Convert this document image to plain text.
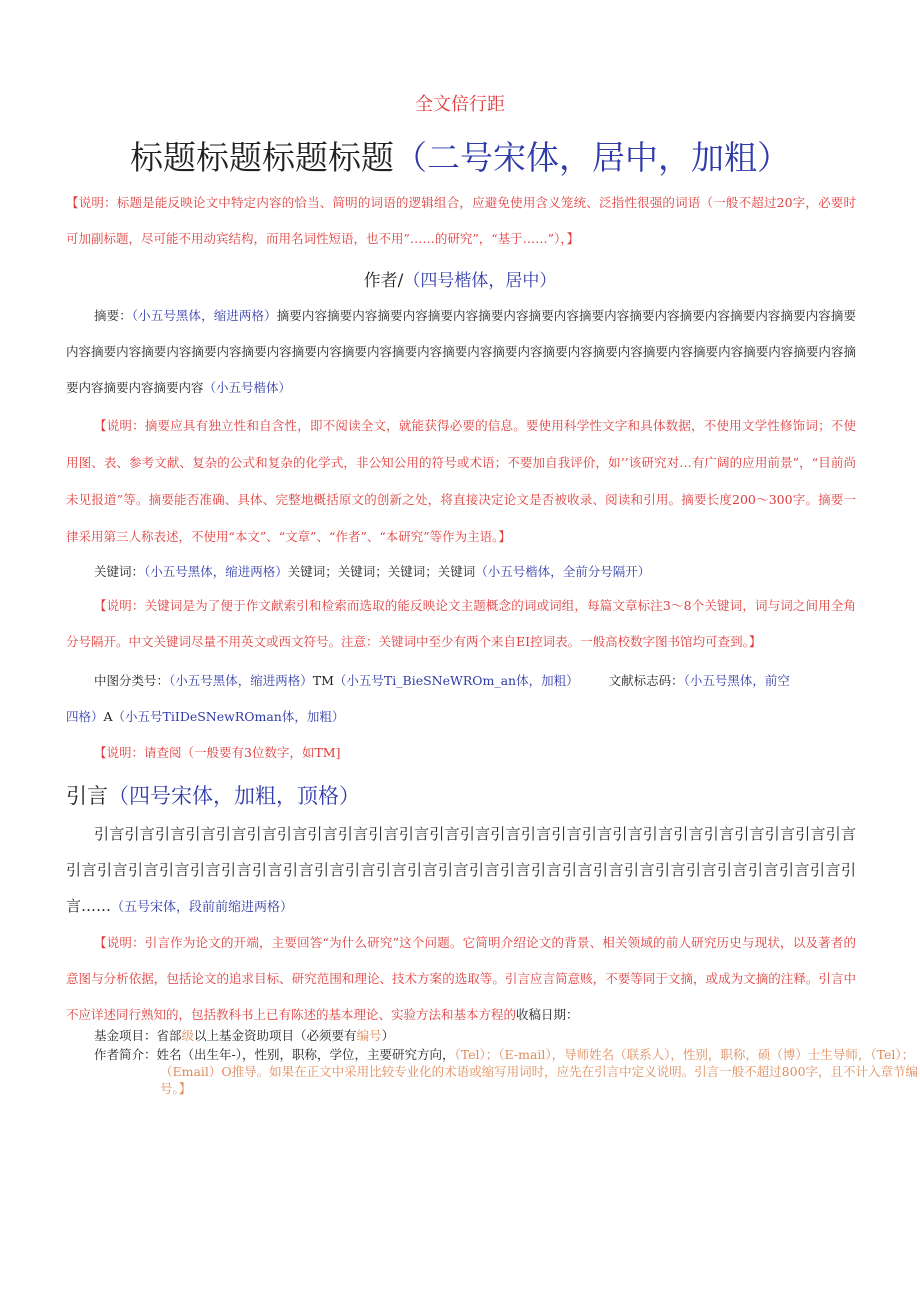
全文倍行距
标题标题标题标题（二号宋体，居中，加粗）
【说明：标题是能反映论文中特定内容的恰当、简明的词语的逻辑组合，应避免使用含义笼统、泛指性很强的词语（一般不超过20字，必要时可加副标题，尽可能不用动宾结构，而用名词性短语，也不用”……的研究”，“基于……”），】
作者/（四号楷体，居中）
摘要：（小五号黑体，缩进两格）摘要内容摘要内容摘要内容摘要内容摘要内容摘要内容摘要内容摘要内容摘要内容摘要内容摘要内容摘要内容摘要内容摘要内容摘要内容摘要内容摘要内容摘要内容摘要内容摘要内容摘要内容摘要内容摘要内容摘要内容摘要内容摘要内容摘要内容摘要内容摘要内容摘要内容（小五号楷体）
【说明：摘要应具有独立性和自含性，即不阅读全文，就能获得必要的信息。要使用科学性文字和具体数据，不使用文学性修饰词；不使用图、表、参考文献、复杂的公式和复杂的化学式，非公知公用的符号或术语；不要加自我评价，如’’该研究对…有广阔的应用前景”，“目前尚未见报道”等。摘要能否准确、具体、完整地概括原文的创新之处，将直接决定论文是否被收录、阅读和引用。摘要长度200～300字。摘要一律采用第三人称表述，不使用“本文”、“文章”、“作者”、“本研究”等作为主语。】
关键词：（小五号黑体，缩进两格）关键词；关键词；关键词；关键词（小五号楷体，全前分号隔开）
【说明：关键词是为了便于作文献索引和检索而选取的能反映论文主题概念的词或词组，每篇文章标注3～8个关键词，词与词之间用全角分号隔开。中文关键词尽量不用英文或西文符号。注意：关键词中至少有两个来自EI控词表。一般高校数字图书馆均可查到。】
中图分类号：（小五号黑体，缩进两格）TM（小五号Ti_BieSNeWROm_an体，加粗） 文献标志码：（小五号黑体，前空
四格）A（小五号TiIDeSNewROman体，加粗）
【说明：请查阅（一般要有3位数字，如TM]
引言（四号宋体，加粗，顶格）
引言引言引言引言引言引言引言引言引言引言引言引言引言引言引言引言引言引言引言引言引言引言引言引言引言引言引言引言引言引言引言引言引言引言引言引言引言引言引言引言引言引言引言引言引言引言引言引言引言引言引言……（五号宋体，段前前缩进两格）
【说明：引言作为论文的开端，主要回答“为什么研究”这个问题。它简明介绍论文的背景、相关领域的前人研究历史与现状，以及著者的意图与分析依据，包括论文的追求目标、研究范围和理论、技术方案的选取等。引言应言简意赅，不要等同于文摘，或成为文摘的注释。引言中不应详述同行熟知的，包括教科书上已有陈述的基本理论、实验方法和基本方程的收稿日期：
基金项目：省部级以上基金资助项目（必须要有编号）
作者简介：姓名（出生年-），性别，职称，学位，主要研究方向，（Tel）；（E-mail），导师姓名（联系人），性别，职称，硕（博）士生导师，（Tel）；（Email）O推导。如果在正文中采用比较专业化的术语或缩写用词时，应先在引言中定义说明。引言一般不超过800字，且不计入章节编号。】
